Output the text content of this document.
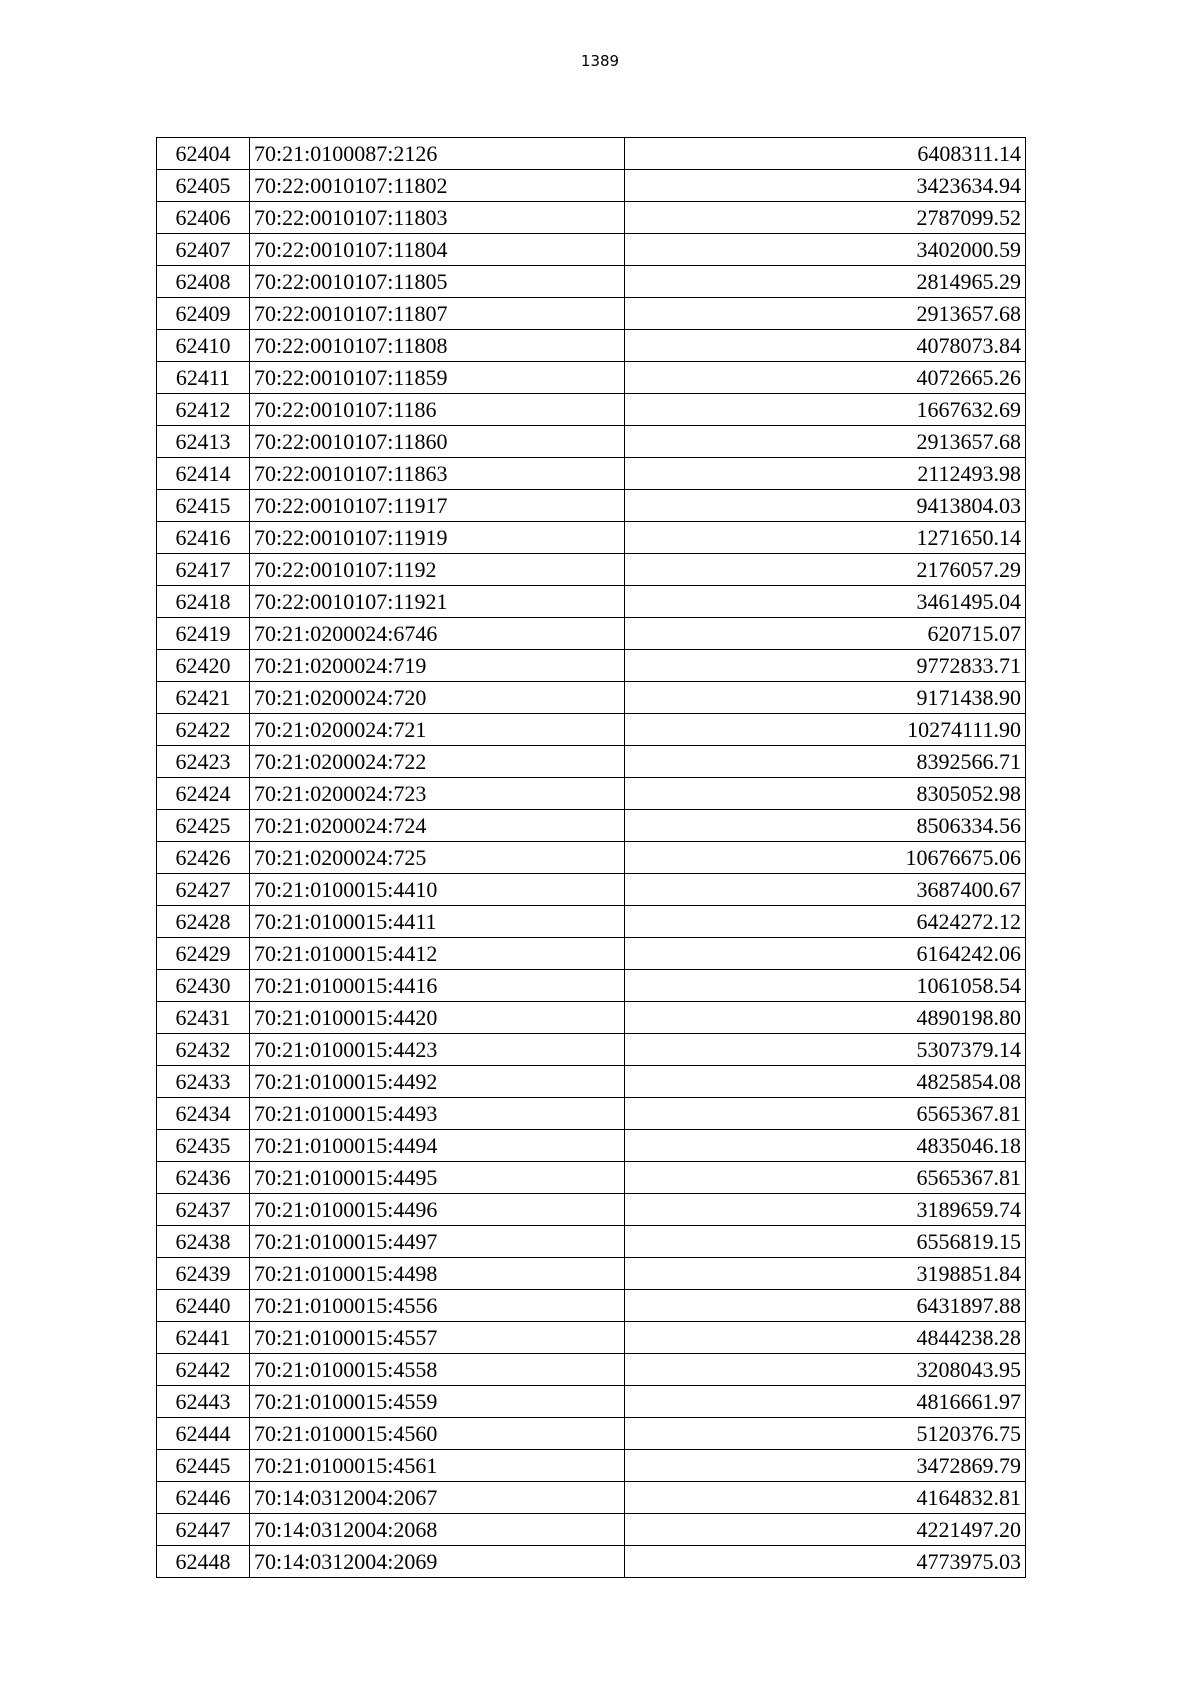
1389
62404	70:21:0100087:2126	6408311.14
62405	70:22:0010107:11802	3423634.94
62406	70:22:0010107:11803	2787099.52
62407	70:22:0010107:11804	3402000.59
62408	70:22:0010107:11805	2814965.29
62409	70:22:0010107:11807	2913657.68
62410	70:22:0010107:11808	4078073.84
62411	70:22:0010107:11859	4072665.26
62412	70:22:0010107:1186	1667632.69
62413	70:22:0010107:11860	2913657.68
62414	70:22:0010107:11863	2112493.98
62415	70:22:0010107:11917	9413804.03
62416	70:22:0010107:11919	1271650.14
62417	70:22:0010107:1192	2176057.29
62418	70:22:0010107:11921	3461495.04
62419	70:21:0200024:6746	620715.07
62420	70:21:0200024:719	9772833.71
62421	70:21:0200024:720	9171438.90
62422	70:21:0200024:721	10274111.90
62423	70:21:0200024:722	8392566.71
62424	70:21:0200024:723	8305052.98
62425	70:21:0200024:724	8506334.56
62426	70:21:0200024:725	10676675.06
62427	70:21:0100015:4410	3687400.67
62428	70:21:0100015:4411	6424272.12
62429	70:21:0100015:4412	6164242.06
62430	70:21:0100015:4416	1061058.54
62431	70:21:0100015:4420	4890198.80
62432	70:21:0100015:4423	5307379.14
62433	70:21:0100015:4492	4825854.08
62434	70:21:0100015:4493	6565367.81
62435	70:21:0100015:4494	4835046.18
62436	70:21:0100015:4495	6565367.81
62437	70:21:0100015:4496	3189659.74
62438	70:21:0100015:4497	6556819.15
62439	70:21:0100015:4498	3198851.84
62440	70:21:0100015:4556	6431897.88
62441	70:21:0100015:4557	4844238.28
62442	70:21:0100015:4558	3208043.95
62443	70:21:0100015:4559	4816661.97
62444	70:21:0100015:4560	5120376.75
62445	70:21:0100015:4561	3472869.79
62446	70:14:0312004:2067	4164832.81
62447	70:14:0312004:2068	4221497.20
62448	70:14:0312004:2069	4773975.03
